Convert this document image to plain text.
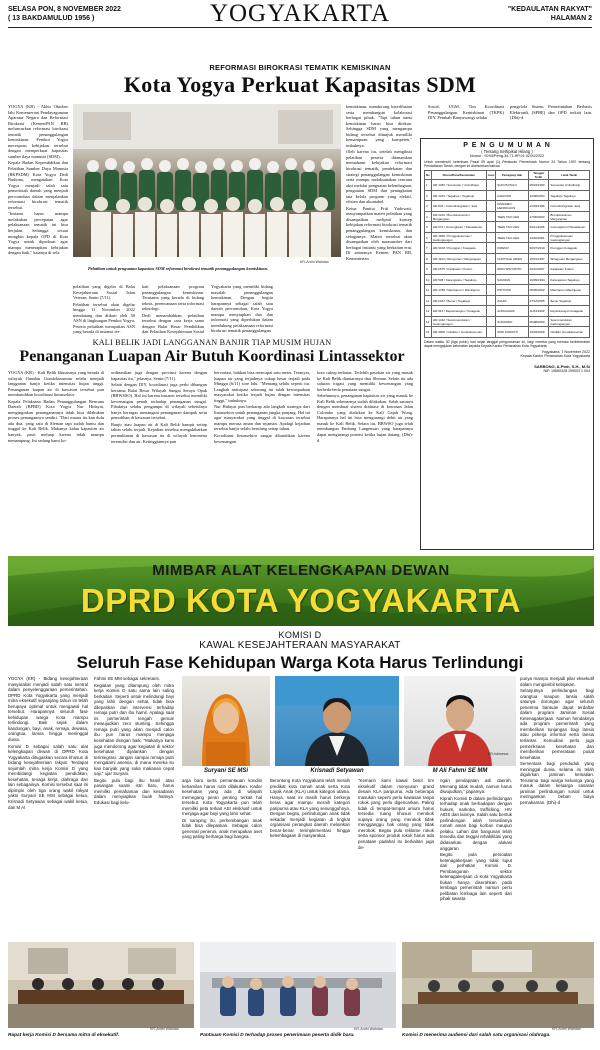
SELASA PON, 8 NOVEMBER 2022
( 13 BAKDAMULUD 1956 )	YOGYAKARTA	"KEDAULATAN RAKYAT"
HALAMAN 2
REFORMASI BIROKRASI TEMATIK KEMISKINAN
Kota Yogya Perkuat Kapasitas SDM

YOGYA (KR) - Akhir Oktober lalu Kementerian Pendayagunaan Aparatur Negara dan Reformasi Birokrasi (KemenPAN RB) meluncurkan reformasi birokrasi tematik penanggulangan kemiskinan. Pemkot Yogya merespons kebijakan tersebut dengan memperkuat kapasitas sumber daya manusia (SDM).

Kepala Badan Kependidikan dan Pelatihan Sumber Daya Manusia (BKPSDM) Kota Yogya Dedi Budiono, mengatakan Kota Yogya menjadi salah satu pemerintah daerah yang menjadi percontohan dalam menjalankan reformasi birokrasi tematik tersebut.

"Instansi harus mampu melakukan percepatan agar pelaksanaan tematik ini bisa berjalan. Sehingga sesuai mungkin kepala OPD di Kota Yogya untuk diperkuat agar mampu menerapkan kebijakan dengan baik," katanya di sela

KR-Ardhi Wahdan
Pelatihan untuk penguatan kapasitas SDM reformasi birokrasi tematik penanggulangan kemiskinan.

pelatihan yang digelar di Balai Kesejahteraan Sosial Jalan Veteran, Senin (7/11).

Pelatihan tersebut akan digelar hingga 11 November 2022 mendatang dan diikuti oleh 50 ASN di lingkungan Pemkot Yogya. Peserta pelatihan merupakan ASN yang berada di instansi ter-

kait pelaksanaan program penanggulangan kemiskinan. Terutama yang berada di bidang teknis, perencanaan serta informasi teknologi.

Dedi menambahkan, pelatihan tersebut dengan cara kerja sama dengan Balai Besar Pendidikan dan Pelatihan Kesejahteraan Sosial

Yogyakarta yang memiliki bidang masalah penanggulangan kemiskinan. Dengan begitu harapannya sebagai salah satu daerah percontohan, Kota Yogya mampu menyiapkan dua dan informasi yang diperlukan dalam mendukung pelaksanaan reformasi birokrasi tematik penanggulangan

kemiskinan, mendorong keterlibatan serta membangun kolaborasi berbagai pihak. "Tapi tahun nanti kemiskinan harus bisa ditekan. Sehingga SDM yang mengampu bidang tersebut ditunjuk memiliki kemampuan yang kompeten," imbuhnya.

Oleh karena itu, setelah mengikuti pelatihan peserta ditanamkan memahami kebijakan reformasi birokrasi tematik, pendekatan dan strategi penanggulangan kemiskinan serta mampu melaksanakan rencana aksi melalui penguatan kelembagaan, penguatan SDM dan peningkatan tata kelola program yang efektif, efisien dan akuntabel.

Ketua Panitia Priti Yudowati, menyampaikan materi pelatihan yang disampaikan meliputi konsep kebijakan reformasi birokrasi tematik penanggulangan kemiskinan, dan sebagainya. Materi tersebut akan disampaikan oleh narasumber dari berbagai instansi yang berkaitan erat. Di antaranya Kemen PAN RB, Kementerian

Sosial, UGM, Tim Koordinasi Penanggulangan Kemiskinan (TKPK) DIY, Pemkab Banyuwangi selaku

pengelola Sistem Pemerintahan Berbasis Elektronik (SPBE) dan OPD terkait lain. (Dhi)-d

P E N G U M U M A N
( Tentang Sertipikat Hilang )
Nomor : 9294/Peng-34.71.HP.01.02/XI/2022
Untuk memenuhi ketentuan Pasal 59 ayat (1) Peraturan Pemerintah Nomor 24 Tahun 1997 tentang Pendaftaran Tanah, dengan ini diumumkan bahwa:
No	Nomor/Desa/Kecamatan	Luas	Pemegang Hak	Tanggal Terbit	Letak Tanah
1	HM 1484 / Sorosutan / Umbulharjo		SUKOSUSILO	05/04/1999	Sorosutan Umbulharjo
2	HM 1233 / Tegalrejo / Tegalrejo		HARIYADI	12/08/2004	Tegalrejo Tegalrejo
3	HM 845 / Cokrodiningratan / Jetis		DIMASMO HENRICHUS	21/03/1996	Cokrodiningratan Jetis
4	HM 2210 / Brontokusuman / Mergangsan		TEEN TAN LIEN	17/06/2003	Brontokusuman Mergangsan
5	HM 672 / Gunungketur / Pakualaman		TEEN TAN LIEN	09/11/1998	Gunungketur Pakualaman
6	HM 1950 / Pringgokusuman / Gedongtengen		TEEN TAN LIEN	24/02/2001	Pringgokusuman Gedongtengen
7	HM 3318 / Prenggan / Kotagede		KIRENO	30/07/2010	Prenggan Kotagede
8	HM 1104 / Wirogunan / Mergangsan		CHOTIJAH ARIES	15/01/1997	Wirogunan Mergangsan
9	HM 2675 / Kadipaten / Kraton		RIDO WIDYANTO	02/10/2007	Kadipaten Kraton
10	HM 538 / Karangwaru / Tegalrejo		SAMIJAN	19/09/1994	Karangwaru Tegalrejo
11	HM 1786 / Mantrijeron / Mantrijeron		PRIYONO	08/05/2002	Mantrijeron Mantrijeron
12	HM 2047 / Bener / Tegalrejo		ZUHRI	27/12/2005	Bener Tegalrejo
13	HM 915 / Rejowinangun / Kotagede		AURLIAGRA	11/03/1999	Rejowinangun Kotagede
14	HM 1432 / Sosromenduran / Gedongtengen		SUDARNO	06/08/2000	Sosromenduran Gedongtengen
15	HM 3009 / Cikditiro / Gondokusuman		WIDI SURANTI	23/04/2009	Cikditiro Gondokusuman
Dalam waktu 30 (tiga puluh) hari sejak tanggal pengumuman ini, bagi mereka yang merasa berkeberatan dapat mengajukan keberatan kepada Kepala Kantor Pertanahan Kota Yogyakarta.
Yogyakarta, 7 November 2022
Kepala Kantor Pertanahan Kota Yogyakarta
SARBONO, A.Ptnh, S.H., M.Si
NIP. 19660328 199003 1 004
KALI BELIK JADI LANGGANAN BANJIR TIAP MUSIM HUJAN
Penanganan Luapan Air Butuh Koordinasi Lintassektor

YOGYA (KR) - Kali Belik khususnya yang berada di wilayah Jlanalan Gondokusuman selalu menjadi langganan banjir ketika intensitas hujan tinggi. Penanganan luapan air di kawasan tersebut pun membutuhkan koordinasi lintassektor.

Kepala Pelaksana Badan Penanggulangan Bencana Daerah (BPBD) Kota Yogya Nur Hidayat, menginginkan penanganannya tidak bisa dilakukan proses penangannya sendiri. "Dari muara itu kan dulu ada dua, yang satu di Sleman tapi sudah buntu dan tinggal ke Kali Belik. Makanya kalau kapasitas air banyak, pasti meluap karena tidak mampu menampung. Ini sedang kami ko-

ordinasikan juga dengan provinsi karena dengan kapasitas itu," jelasnya, Senin (7/11).

Selain dengan DIY, koordinasi juga perlu dibangun bersama Balai Besar Wilayah Sungai Serayu Opak (BBWSSO). Hal ini karena instansi tersebut memiliki kewenangan penuh terhadap penanganan sungai. Pihaknya selaku pengampu di wilayah sebetulnya hanya bertugas menangani penanganan dampak serta pemulihan di kawasan tersebut.

Banjir atau luapan air di Kali Belik hampir setiap tahun selalu terjadi. Kejadian tersebut mengakibatkan permukiman di kawasan itu di wilayah fenomena tersendiri dan air. Ketinggiannya pun

bervariasi, bahkan bisa mencapai satu meter. Teranyar, luapan air yang terjadinya cukup besar terjadi pada Minggu (6/11) sore lalu. "Memang selalu seperti itu. Langkah antisipasi sekarang ini ialah kewaspadaan masyarakat ketika terjadi hujan dengan intensitas tinggi," imbuhnya.

Nur Hidayat pun berharap ada langkah strategis dari lintassektor untuk penanganan jangka panjang. Hal ini agar masyarakat yang tinggal di kawasan tersebut mampu merasa aman dan nyaman. Apalagi kejadian tersebut banjir selalu berulang setiap tahun.

Koordinasi lintassektor sangat dibutuhkan karena kewenangan

kota cukup terbatas. Terlebih pasokan air yang masuk ke Kali Belik diantaranya dari Sleman. Selain itu ada saluran irigasi yang memiliki kewenangan yang berbeda-beda penataan sungai.

Sebelumnya, penanganan kapasitas air yang masuk ke Kali Belik sebenarnya sudah dilakukan. Salah satunya dengan membuat sistem drainase di kawasan Jalan Colombo yang dialirkan ke Kali Gajah Wong. Harapannya hal ini bisa mengurangi debit air yang masuk ke Kali Belik. Selain itu, BBWSO juga telah membangun Embung Langensari yang harapannya dapat mengurangi potensi ketika hujan datang. (Dhi)-d

MIMBAR ALAT KELENGKAPAN DEWAN
DPRD KOTA YOGYAKARTA
KOMISI D
KAWAL KESEJAHTERAAN MASYARAKAT
Seluruh Fase Kehidupan Warga Kota Harus Terlindungi

YOGYA (KR) - Bidang kesejahteraan masyarakat menjadi salah satu sentral dalam penyelenggaraan pemerintahan. DPRD Kota Yogyakarta yang menjadi mitra eksekutif sepanjang tahun ini telah berupaya optimal untuk mengawal hal tersebut. Harapannya seluruh fase kehidupan warga Kota mampu terlindungi. Baik sejak dalam kandungan, bayi, anak, remaja, dewasa, orangtua, lansia hingga meninggal dunia.

Komisi D sebagai salah satu alat kelengkapan dewan di DPRD Kota Yogyakarta ditugaskan secara khusus di bidang kesejahteraan rakyat. Terdapat sejumlah mitra kerja Komisi D yang membidangi kegiatan pendidikan, kesehatan, tenaga kerja, olahraga dan lain sebagainya. Komisi tersebut saat ini dipimpin oleh tiga orang wakil rakyat yakni Suryani SE MSI sebagai ketua, Krisnadi Setyawan sebagai wakil ketua, dan M Al

Fahmi SE MM sebagai sekretaris.

Kegiatan yang ditampung oleh mitra kerja Komisi D satu sama lain saling berkaitan. Seperti untuk melindungi bayi yang lahir dengan sehat, tidak bisa dilepaskan dari intervensi terhadap remaja putri dan ibu hamil. Apalagi saat ini pemerintah tengah gencar mewujudkan zero stunting. Sehingga remaja putri yang akan menjadi calon ibu pun harus mampu menjaga kesehatan dengan baik. "Makanya kami juga mendorong agar kegiatan di sektor kesehatan dijalankan dengan terintegrasi. Jangan sampai remaja putri mengalami anemia, di mana mereka itu kan banyak yang suka makanan cepat saji," ujar Suryani.

Begitu pula bagi ibu hamil atau pasangan suami istri baru, harus memiliki pemahaman dan kesadaran dalam menyiapkan buah hatinya. Edukasi bagi kelu-

KR-Istimewa
Suryani SE MSi	Krisnadi Setyawan	M Ali Fahmi SE MM

arga baru serta pemantauan kondisi kehamilan harus rutin dilakukan. Kader kesehatan yang ada di wilayah memegang peran penting terkait hal tersebut. Kota Yogyakarta pun telah memiliki peta terkait ASI eksklusif untuk menjaga agar bayi yang lahir sehat.

Di samping itu, perkembangan anak tidak bisa dilepaskan. Sebagai calon generasi penerus, anak merupakan aset yang paling berharga bagi bangsa.

Beruntung Kota Yogyakarta telah meraih predikat kota ramah anak serta Kota Layak Anak (KLA) untuk kategori utama. Hanya, saat ini masih harus berkerja keras agar mampu meraih kategori paripurna atau KLA yang sesungguhnya. Dengan begitu, perlindungan anak tidak sekadar menjadi kegiatan di tingkat organisasi perangkat daerah melainkan benar-benar terimplementasi hingga kelembagaan di masyarakat.

"Kemarin kami kawal betul tim eksekutif dalam menyusun grand desain KLA paripurna. Ada beberapa masukan seperti perlu kawasan tanpa rokok yang perlu digencarkan. Paling tidak di tempat-tempat umum harus tersedia ruang khusus merokok supaya orang yang merokok tidak mengganggu hak orang yang tidak merokok. Begitu pula reklame rokok serta sponsor produk rokok harus ada penataan padahal itu berkaitan juga de-

ngan pendapatan asli daerah. Memang tidak mudah, namun harus diwujudkan," papamya.

Kiprah Komisi D dalam perlindungan terhadap anak berhadapan dengan hukum, narkoba, trafficking, HIV AIDS dan lainnya. Salah satu bentuk perlindungan ialah tersedianya rumah aman bagi korban maupun pelaku. Lahan dan bangunan telah tersedia dan tinggal rehabilitasi yang didasarkan dengan alokasi anggaran.

Begitu pula persoalan ketenagakerjaan yang tidak luput dari perhatian Komisi D. Pembangunan sektor ketenagakerjaan di Kota Yogyakarta bukan hanya diserahkan pada lembaga pemerintah namun perlu pelibatan lembaga lain seperti dari pihak swasta

punya mampu menjadi pilar eksekutif dalam mengambil kebijakan.

Selanjutnya perlindungan bagi orangtua maupun lansia salah satunya dorongan agar seluruh penerima bantuan dapat terdaftar dalam program Jaminan Sosial Ketenagakerjaan. Namun hendaknya ada program pemerintah yang memberikan tunjangan bagi lansia atau pekerja informal serta lansia terlantar. Kemudian perlu juga pemeriksaan kesehatan dan memberikan pemerataan pusat kesehatan.

Sementara bagi penduduk yang meninggal dunia, selama ini telah digulirkan jaminan kematian. Terutama bagi warga keluarga yang masuk dalam keluarga sasaran jaminan perlindungan sosial untuk meringankan beban biaya pemakaman. (Dhi)-d

KR-Ardhi Wahdan	KR-Ardhi Wahdan	KR-Ardhi Wahdan
Rapat kerja Komisi D bersama mitra di eksekutif.	Pantauan Komisi D terhadap proses penerimaan peserta didik baru.	Komisi D menerima audiensi dari salah satu organisasi olahraga.
